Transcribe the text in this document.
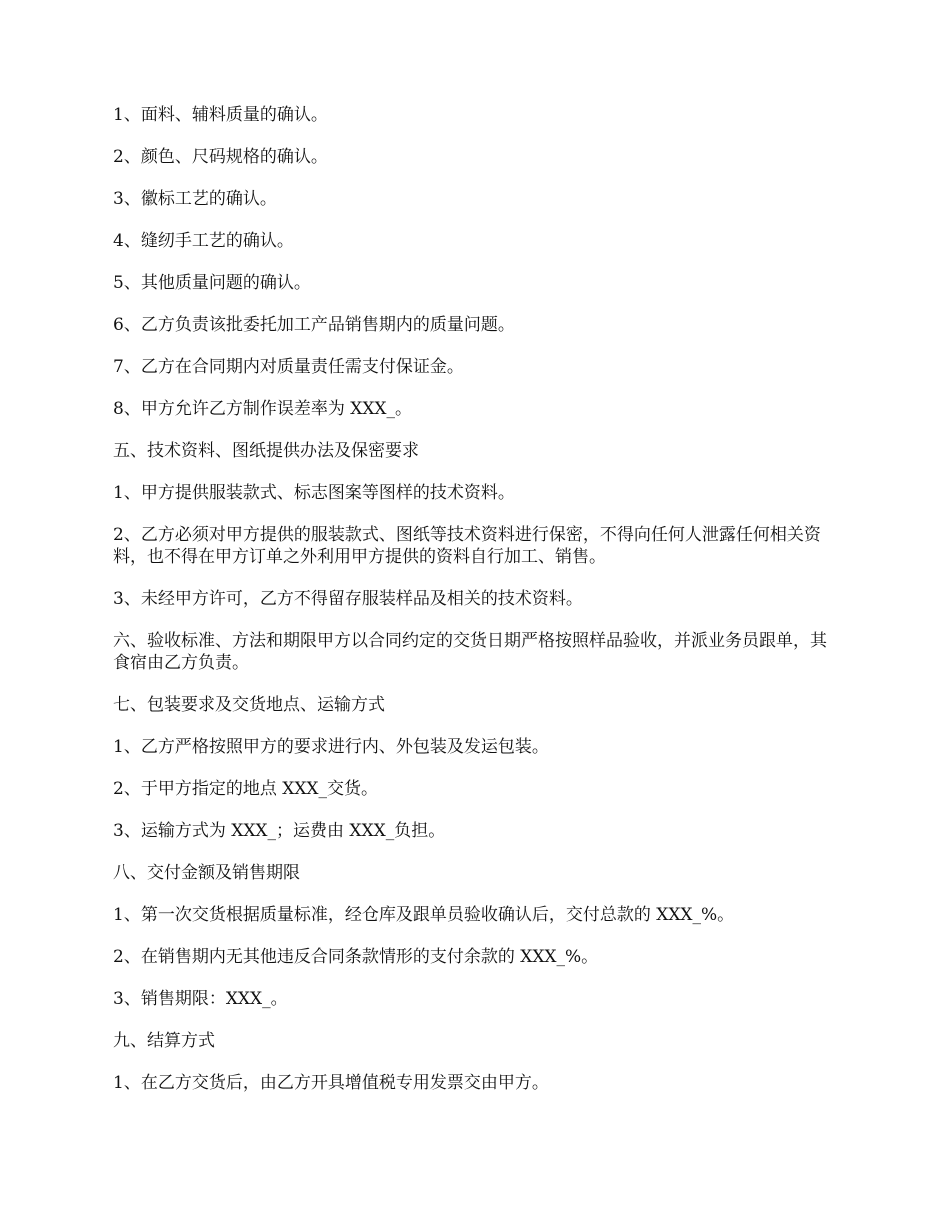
1、面料、辅料质量的确认。

2、颜色、尺码规格的确认。

3、徽标工艺的确认。

4、缝纫手工艺的确认。

5、其他质量问题的确认。

6、乙方负责该批委托加工产品销售期内的质量问题。

7、乙方在合同期内对质量责任需支付保证金。

8、甲方允许乙方制作误差率为 XXX_。

五、技术资料、图纸提供办法及保密要求

1、甲方提供服装款式、标志图案等图样的技术资料。

2、乙方必须对甲方提供的服装款式、图纸等技术资料进行保密，不得向任何人泄露任何相关资料，也不得在甲方订单之外利用甲方提供的资料自行加工、销售。

3、未经甲方许可，乙方不得留存服装样品及相关的技术资料。

六、验收标准、方法和期限甲方以合同约定的交货日期严格按照样品验收，并派业务员跟单，其食宿由乙方负责。

七、包装要求及交货地点、运输方式

1、乙方严格按照甲方的要求进行内、外包装及发运包装。

2、于甲方指定的地点 XXX_交货。

3、运输方式为 XXX_；运费由 XXX_负担。

八、交付金额及销售期限

1、第一次交货根据质量标准，经仓库及跟单员验收确认后，交付总款的 XXX_%。

2、在销售期内无其他违反合同条款情形的支付余款的 XXX_%。

3、销售期限：XXX_。

九、结算方式

1、在乙方交货后，由乙方开具增值税专用发票交由甲方。
